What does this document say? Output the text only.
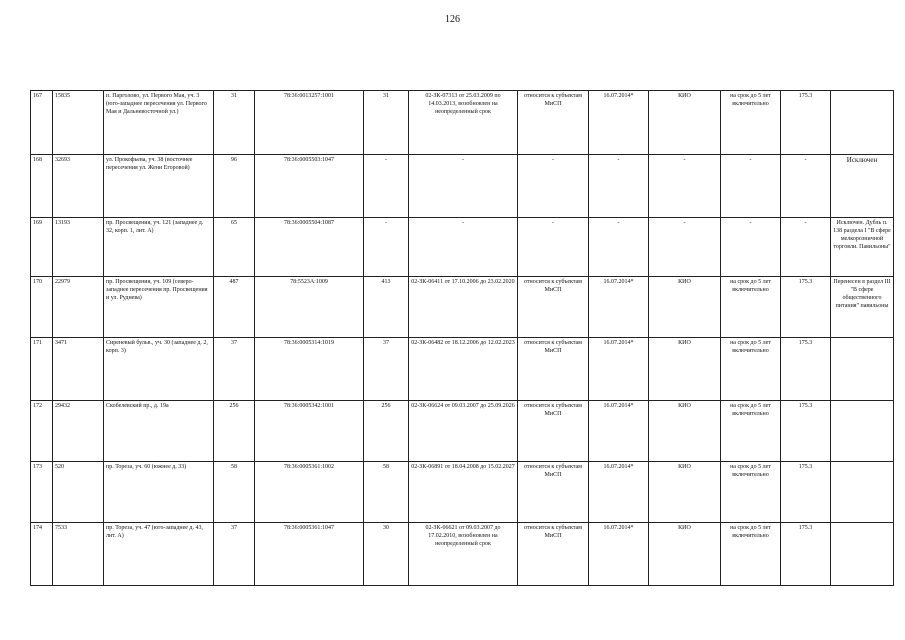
126
167	15835	п. Парголово, ул. Первого Мая, уч. 3 (юго-западнее пересечения ул. Первого Мая и Дальневосточной ул.)	31	78:36:0013257:1001	31	02-ЗК-07313 от 25.03.2009 по 14.03.2013, возобновлен на неопределенный срок	относится к субъектам МиСП	16.07.2014*	КИО	на срок до 5 лет включительно	175.3	
168	32693	ул. Прокофьева, уч. 38 (восточнее пересечения ул. Жени Егоровой)	96	78:36:0005503:1047	-	-	-	-	-	-	-	Исключен
169	13193	пр. Просвещения, уч. 121 (западнее д. 32, корп. 1, лит. А)	65	78:36:0005504:1087	-	-	-	-	-	-	-	Исключен. Дубль п. 138 раздела I "В сфере мелкорозничной торговли. Павильоны"
170	22979	пр. Просвещения, уч. 109 (северо-западнее пересечения пр. Просвещения и ул. Руднева)	487	78:5523A:1009	413	02-ЗК-06411 от 17.10.2006 до 23.02.2020	относится к субъектам МиСП	16.07.2014*	КИО	на срок до 5 лет включительно	175.3	Перенесен в раздел III "В сфере общественного питания" павильоны
171	3471	Сиреневый бульв., уч. 30 (западнее д. 2, корп. 3)	37	78:36:0005314:1019	37	02-ЗК-06482 от 18.12.2006 до 12.02.2023	относится к субъектам МиСП	16.07.2014*	КИО	на срок до 5 лет включительно	175.3	
172	29432	Скобелевский пр., д. 19а	256	78:36:0005342:1001	256	02-ЗК-06624 от 09.03.2007 до 25.09.2026	относится к субъектам МиСП	16.07.2014*	КИО	на срок до 5 лет включительно	175.3	
173	520	пр. Тореза, уч. 60 (южнее д. 33)	58	78:36:0005361:1002	58	02-ЗК-06891 от 18.04.2008 до 15.02.2027	относится к субъектам МиСП	16.07.2014*	КИО	на срок до 5 лет включительно	175.3	
174	7533	пр. Тореза, уч. 47 (юго-западнее д. 43, лит. А)	37	78:36:0005361:1047	30	02-ЗК-06621 от 09.03.2007 до 17.02.2010, возобновлен на неопределенный срок	относится к субъектам МиСП	16.07.2014*	КИО	на срок до 5 лет включительно	175.3	
